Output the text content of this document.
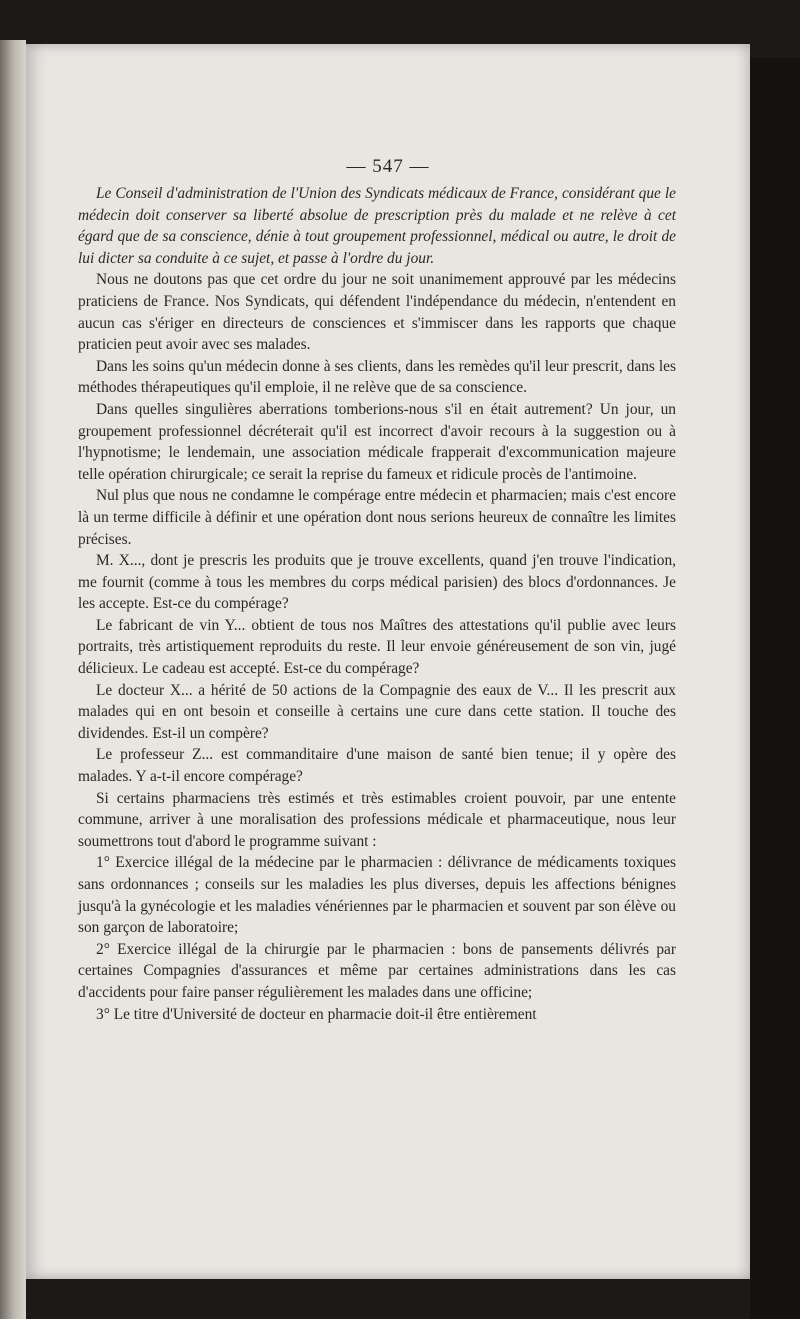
— 547 —

Le Conseil d'administration de l'Union des Syndicats médicaux de France, considérant que le médecin doit conserver sa liberté absolue de prescription près du malade et ne relève à cet égard que de sa conscience, dénie à tout groupement professionnel, médical ou autre, le droit de lui dicter sa conduite à ce sujet, et passe à l'ordre du jour.

Nous ne doutons pas que cet ordre du jour ne soit unanimement approuvé par les médecins praticiens de France. Nos Syndicats, qui défendent l'indépendance du médecin, n'entendent en aucun cas s'ériger en directeurs de consciences et s'immiscer dans les rapports que chaque praticien peut avoir avec ses malades.

Dans les soins qu'un médecin donne à ses clients, dans les remèdes qu'il leur prescrit, dans les méthodes thérapeutiques qu'il emploie, il ne relève que de sa conscience.

Dans quelles singulières aberrations tomberions-nous s'il en était autrement? Un jour, un groupement professionnel décréterait qu'il est incorrect d'avoir recours à la suggestion ou à l'hypnotisme; le lendemain, une association médicale frapperait d'excommunication majeure telle opération chirurgicale; ce serait la reprise du fameux et ridicule procès de l'antimoine.

Nul plus que nous ne condamne le compérage entre médecin et pharmacien; mais c'est encore là un terme difficile à définir et une opération dont nous serions heureux de connaître les limites précises.

M. X..., dont je prescris les produits que je trouve excellents, quand j'en trouve l'indication, me fournit (comme à tous les membres du corps médical parisien) des blocs d'ordonnances. Je les accepte. Est-ce du compérage?

Le fabricant de vin Y... obtient de tous nos Maîtres des attestations qu'il publie avec leurs portraits, très artistiquement reproduits du reste. Il leur envoie généreusement de son vin, jugé délicieux. Le cadeau est accepté. Est-ce du compérage?

Le docteur X... a hérité de 50 actions de la Compagnie des eaux de V... Il les prescrit aux malades qui en ont besoin et conseille à certains une cure dans cette station. Il touche des dividendes. Est-il un compère?

Le professeur Z... est commanditaire d'une maison de santé bien tenue; il y opère des malades. Y a-t-il encore compérage?

Si certains pharmaciens très estimés et très estimables croient pouvoir, par une entente commune, arriver à une moralisation des professions médicale et pharmaceutique, nous leur soumettrons tout d'abord le programme suivant :

1° Exercice illégal de la médecine par le pharmacien : délivrance de médicaments toxiques sans ordonnances ; conseils sur les maladies les plus diverses, depuis les affections bénignes jusqu'à la gynécologie et les maladies vénériennes par le pharmacien et souvent par son élève ou son garçon de laboratoire;

2° Exercice illégal de la chirurgie par le pharmacien : bons de pansements délivrés par certaines Compagnies d'assurances et même par certaines administrations dans les cas d'accidents pour faire panser régulièrement les malades dans une officine;

3° Le titre d'Université de docteur en pharmacie doit-il être entièrement
